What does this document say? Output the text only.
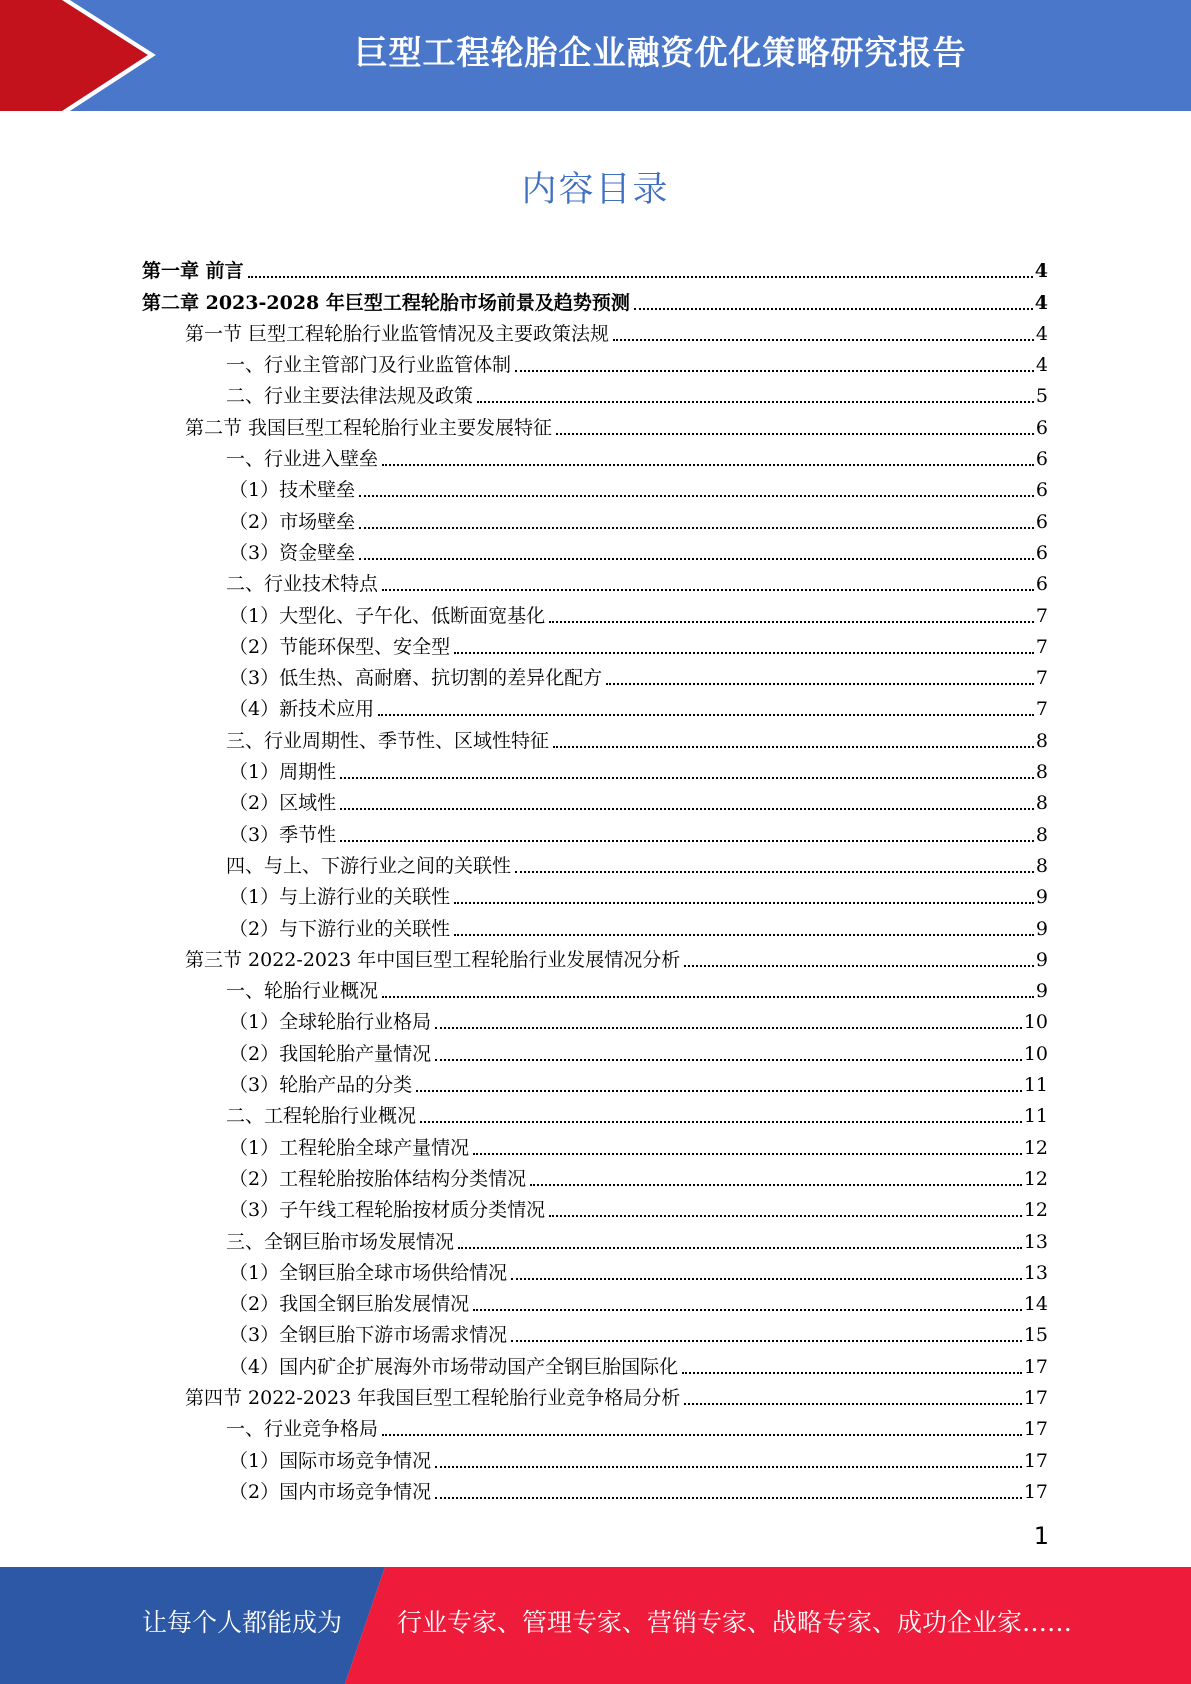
巨型工程轮胎企业融资优化策略研究报告
内容目录
第一章 前言	4
第二章 2023-2028 年巨型工程轮胎市场前景及趋势预测	4
第一节 巨型工程轮胎行业监管情况及主要政策法规	4
一、行业主管部门及行业监管体制	4
二、行业主要法律法规及政策	5
第二节 我国巨型工程轮胎行业主要发展特征	6
一、行业进入壁垒	6
（1）技术壁垒	6
（2）市场壁垒	6
（3）资金壁垒	6
二、行业技术特点	6
（1）大型化、子午化、低断面宽基化	7
（2）节能环保型、安全型	7
（3）低生热、高耐磨、抗切割的差异化配方	7
（4）新技术应用	7
三、行业周期性、季节性、区域性特征	8
（1）周期性	8
（2）区域性	8
（3）季节性	8
四、与上、下游行业之间的关联性	8
（1）与上游行业的关联性	9
（2）与下游行业的关联性	9
第三节 2022-2023 年中国巨型工程轮胎行业发展情况分析	9
一、轮胎行业概况	9
（1）全球轮胎行业格局	10
（2）我国轮胎产量情况	10
（3）轮胎产品的分类	11
二、工程轮胎行业概况	11
（1）工程轮胎全球产量情况	12
（2）工程轮胎按胎体结构分类情况	12
（3）子午线工程轮胎按材质分类情况	12
三、全钢巨胎市场发展情况	13
（1）全钢巨胎全球市场供给情况	13
（2）我国全钢巨胎发展情况	14
（3）全钢巨胎下游市场需求情况	15
（4）国内矿企扩展海外市场带动国产全钢巨胎国际化	17
第四节 2022-2023 年我国巨型工程轮胎行业竞争格局分析	17
一、行业竞争格局	17
（1）国际市场竞争情况	17
（2）国内市场竞争情况	17
1
让每个人都能成为 行业专家、管理专家、营销专家、战略专家、成功企业家……
